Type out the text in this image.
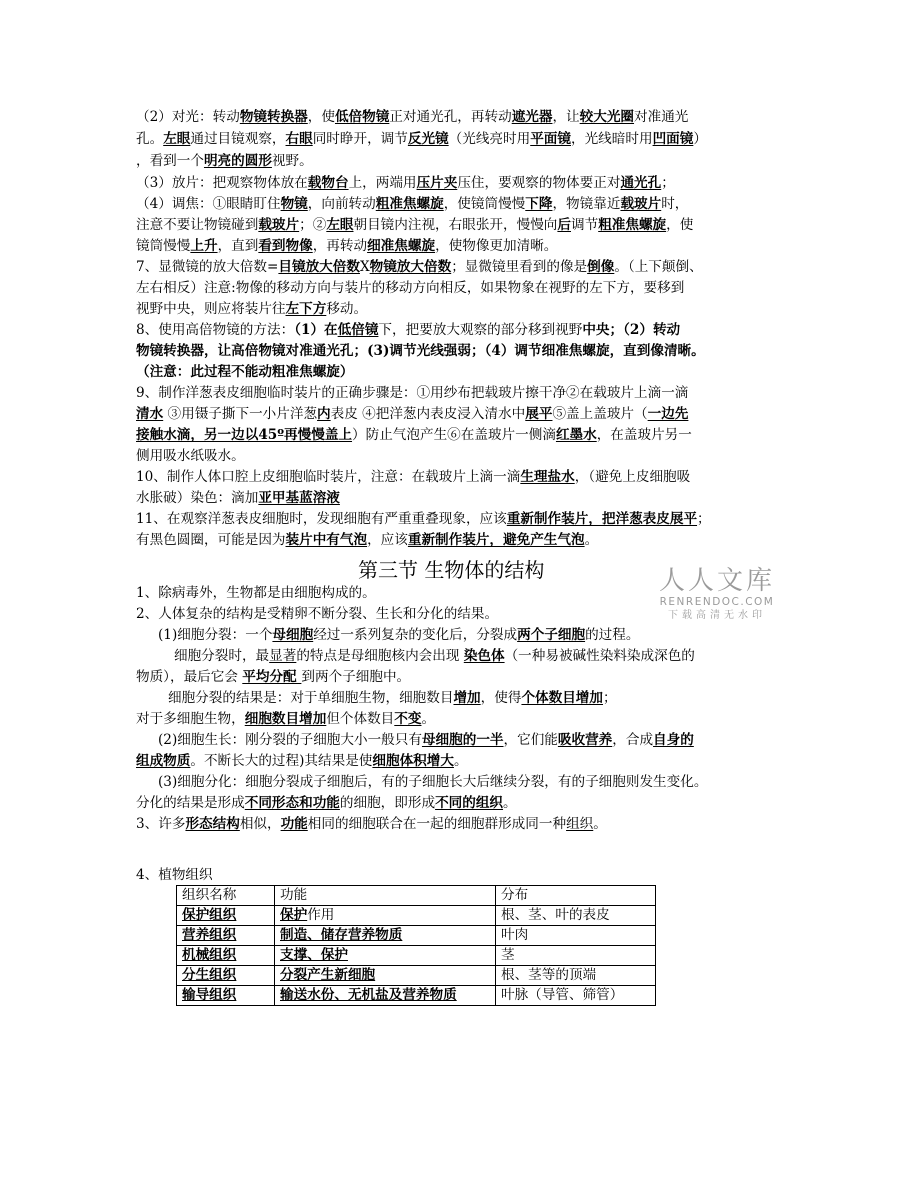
（2）对光：转动物镜转换器，使低倍物镜正对通光孔，再转动遮光器，让较大光圈对准通光
孔。左眼通过目镜观察，右眼同时睁开，调节反光镜（光线亮时用平面镜，光线暗时用凹面镜）
，看到一个明亮的圆形视野。
（3）放片：把观察物体放在载物台上，两端用压片夹压住，要观察的物体要正对通光孔；
（4）调焦：①眼睛盯住物镜，向前转动粗准焦螺旋，使镜筒慢慢下降，物镜靠近载玻片时，
注意不要让物镜碰到载玻片；②左眼朝目镜内注视，右眼张开，慢慢向后调节粗准焦螺旋，使
镜筒慢慢上升，直到看到物像，再转动细准焦螺旋，使物像更加清晰。
7、显微镜的放大倍数=目镜放大倍数X物镜放大倍数；显微镜里看到的像是倒像。（上下颠倒、
左右相反）注意:物像的移动方向与装片的移动方向相反，如果物象在视野的左下方，要移到
视野中央，则应将装片往左下方移动。
8、使用高倍物镜的方法：（1）在低倍镜下，把要放大观察的部分移到视野中央；（2）转动
物镜转换器，让高倍物镜对准通光孔；(3)调节光线强弱；（4）调节细准焦螺旋，直到像清晰。
（注意：此过程不能动粗准焦螺旋）
9、制作洋葱表皮细胞临时装片的正确步骤是：①用纱布把载玻片擦干净②在载玻片上滴一滴
清水 ③用镊子撕下一小片洋葱内表皮 ④把洋葱内表皮浸入清水中展平⑤盖上盖玻片（一边先
接触水滴，另一边以45º再慢慢盖上）防止气泡产生⑥在盖玻片一侧滴红墨水，在盖玻片另一
侧用吸水纸吸水。
10、制作人体口腔上皮细胞临时装片，注意：在载玻片上滴一滴生理盐水，（避免上皮细胞吸
水胀破）染色：滴加亚甲基蓝溶液
11、在观察洋葱表皮细胞时，发现细胞有严重重叠现象，应该重新制作装片，把洋葱表皮展平；
有黑色圆圈，可能是因为装片中有气泡，应该重新制作装片，避免产生气泡。
第三节 生物体的结构	人人文库
RENRENDOC.COM
下载高清无水印
1、除病毒外，生物都是由细胞构成的。
2、人体复杂的结构是受精卵不断分裂、生长和分化的结果。
(1)细胞分裂：一个母细胞经过一系列复杂的变化后，分裂成两个子细胞的过程。
细胞分裂时，最显著的特点是母细胞核内会出现 染色体（一种易被碱性染料染成深色的
物质），最后它会 平均分配 到两个子细胞中。
细胞分裂的结果是：对于单细胞生物，细胞数目增加，使得个体数目增加；
对于多细胞生物，细胞数目增加但个体数目不变。
(2)细胞生长：刚分裂的子细胞大小一般只有母细胞的一半，它们能吸收营养，合成自身的
组成物质。不断长大的过程)其结果是使细胞体积增大。
(3)细胞分化：细胞分裂成子细胞后，有的子细胞长大后继续分裂，有的子细胞则发生变化。
分化的结果是形成不同形态和功能的细胞，即形成不同的组织。
3、许多形态结构相似，功能相同的细胞联合在一起的细胞群形成同一种组织。
4、植物组织
组织名称	功能	分布
保护组织	保护作用	根、茎、叶的表皮
营养组织	制造、储存营养物质	叶肉
机械组织	支撑、保护	茎
分生组织	分裂产生新细胞	根、茎等的顶端
输导组织	输送水份、无机盐及营养物质	叶脉（导管、筛管）
